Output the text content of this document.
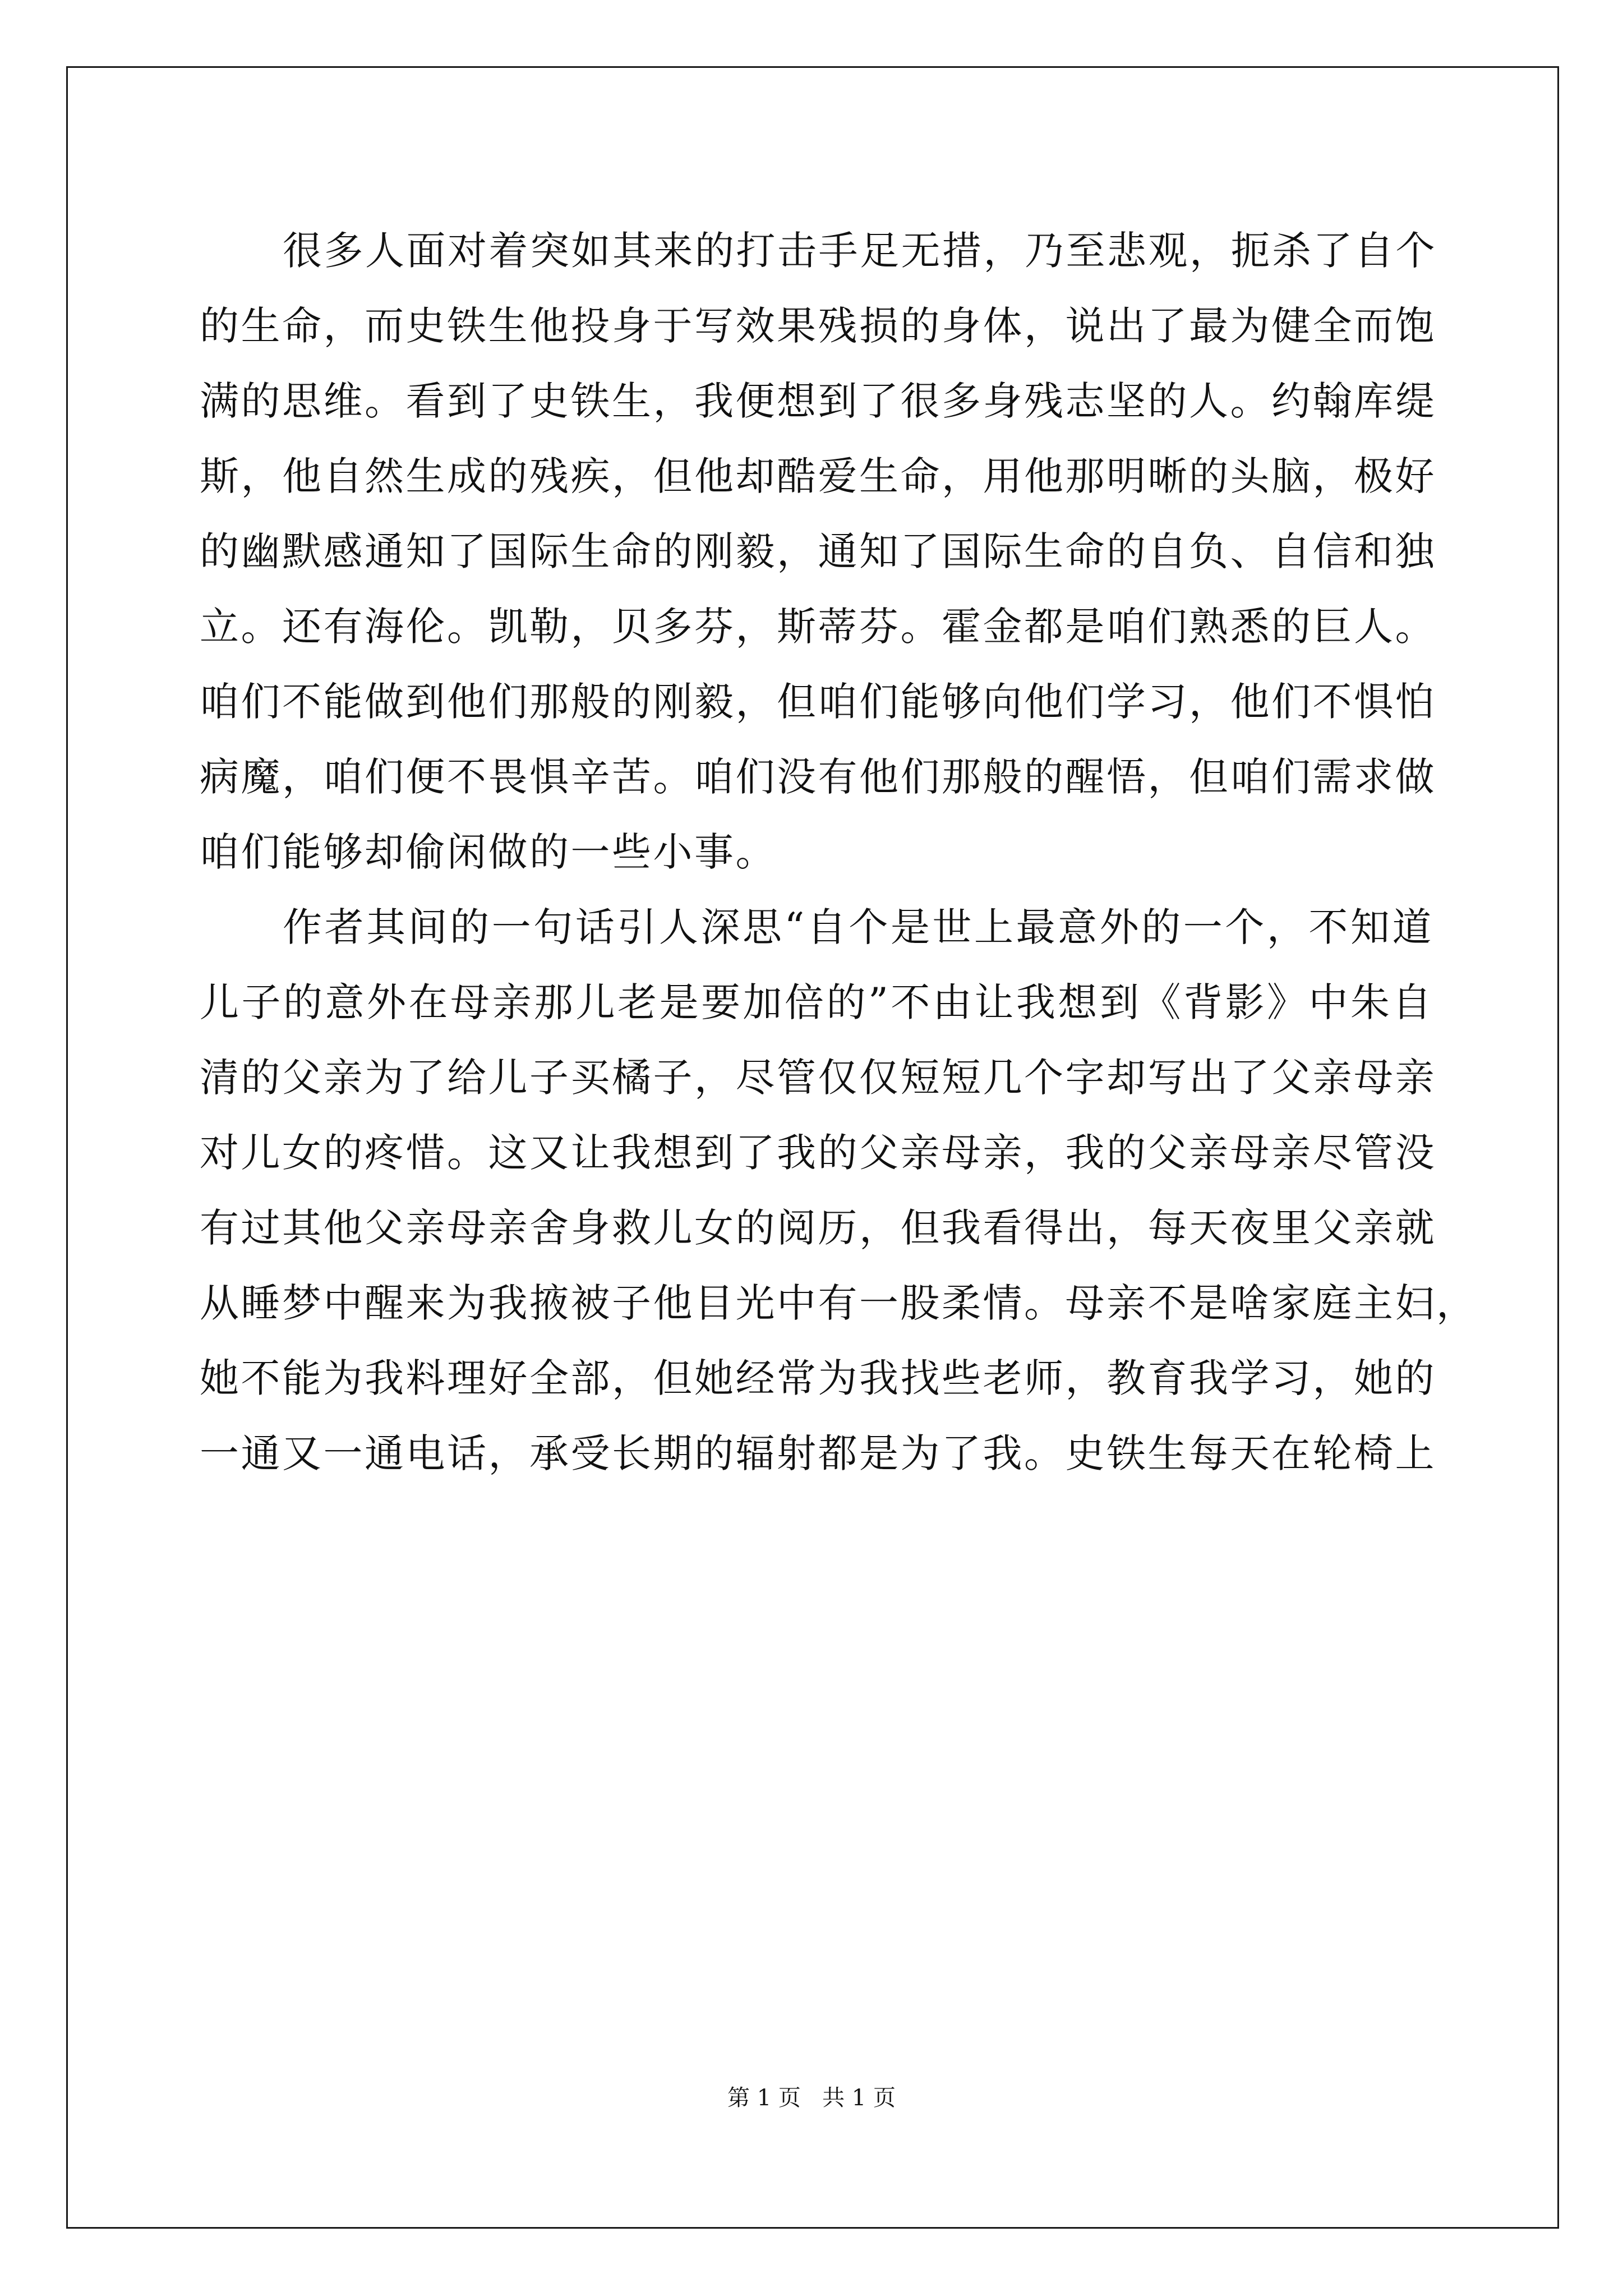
很多人面对着突如其来的打击手足无措，乃至悲观，扼杀了自个
的生命，而史铁生他投身于写效果残损的身体，说出了最为健全而饱
满的思维。看到了史铁生，我便想到了很多身残志坚的人。约翰库缇
斯，他自然生成的残疾，但他却酷爱生命，用他那明晰的头脑，极好
的幽默感通知了国际生命的刚毅，通知了国际生命的自负、自信和独
立。还有海伦。凯勒，贝多芬，斯蒂芬。霍金都是咱们熟悉的巨人。
咱们不能做到他们那般的刚毅，但咱们能够向他们学习，他们不惧怕
病魔，咱们便不畏惧辛苦。咱们没有他们那般的醒悟，但咱们需求做
咱们能够却偷闲做的一些小事。
作者其间的一句话引人深思“自个是世上最意外的一个，不知道
儿子的意外在母亲那儿老是要加倍的”不由让我想到《背影》中朱自
清的父亲为了给儿子买橘子，尽管仅仅短短几个字却写出了父亲母亲
对儿女的疼惜。这又让我想到了我的父亲母亲，我的父亲母亲尽管没
有过其他父亲母亲舍身救儿女的阅历，但我看得出，每天夜里父亲就
从睡梦中醒来为我掖被子他目光中有一股柔情。母亲不是啥家庭主妇，
她不能为我料理好全部，但她经常为我找些老师，教育我学习，她的
一通又一通电话，承受长期的辐射都是为了我。史铁生每天在轮椅上
第 1 页 共 1 页
